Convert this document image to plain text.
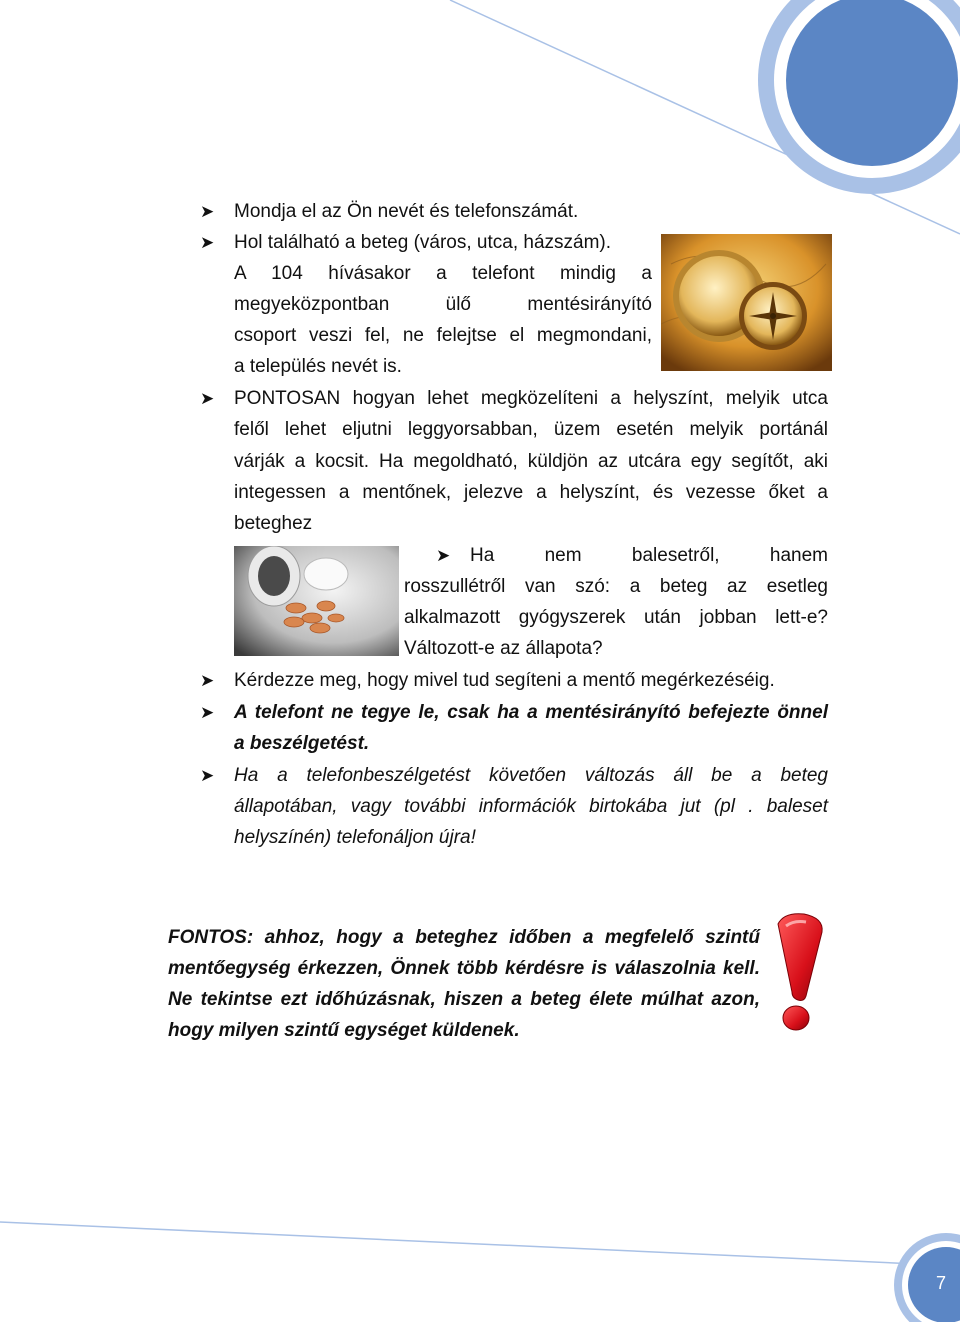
7
➤
➤
➤
➤
➤
➤
➤
Mondja el az Ön nevét és telefonszámát.
Hol található a beteg (város, utca, házszám).
A 104 hívásakor a telefont mindig a
megyeközpontban ülő mentésirányító
csoport veszi fel, ne felejtse el megmondani,
a település nevét is.
PONTOSAN hogyan lehet megközelíteni a helyszínt, melyik utca
felől lehet eljutni leggyorsabban, üzem esetén melyik portánál
várják a kocsit. Ha megoldható, küldjön az utcára egy segítőt, aki
integessen a mentőnek, jelezve a helyszínt, és vezesse őket a
beteghez
Ha nem balesetről, hanem
rosszullétről van szó: a beteg az esetleg
alkalmazott gyógyszerek után jobban lett-e?
Változott-e az állapota?
Kérdezze meg, hogy mivel tud segíteni a mentő megérkezéséig.
A telefont ne tegye le, csak ha a mentésirányító befejezte önnel
a beszélgetést.
Ha a telefonbeszélgetést követően változás áll be a beteg
állapotában, vagy további információk birtokába jut (pl . baleset
helyszínén) telefonáljon újra!
FONTOS: ahhoz, hogy a beteghez időben a megfelelő szintű
mentőegység érkezzen, Önnek több kérdésre is válaszolnia kell.
Ne tekintse ezt időhúzásnak, hiszen a beteg élete múlhat azon,
hogy milyen szintű egységet küldenek.
